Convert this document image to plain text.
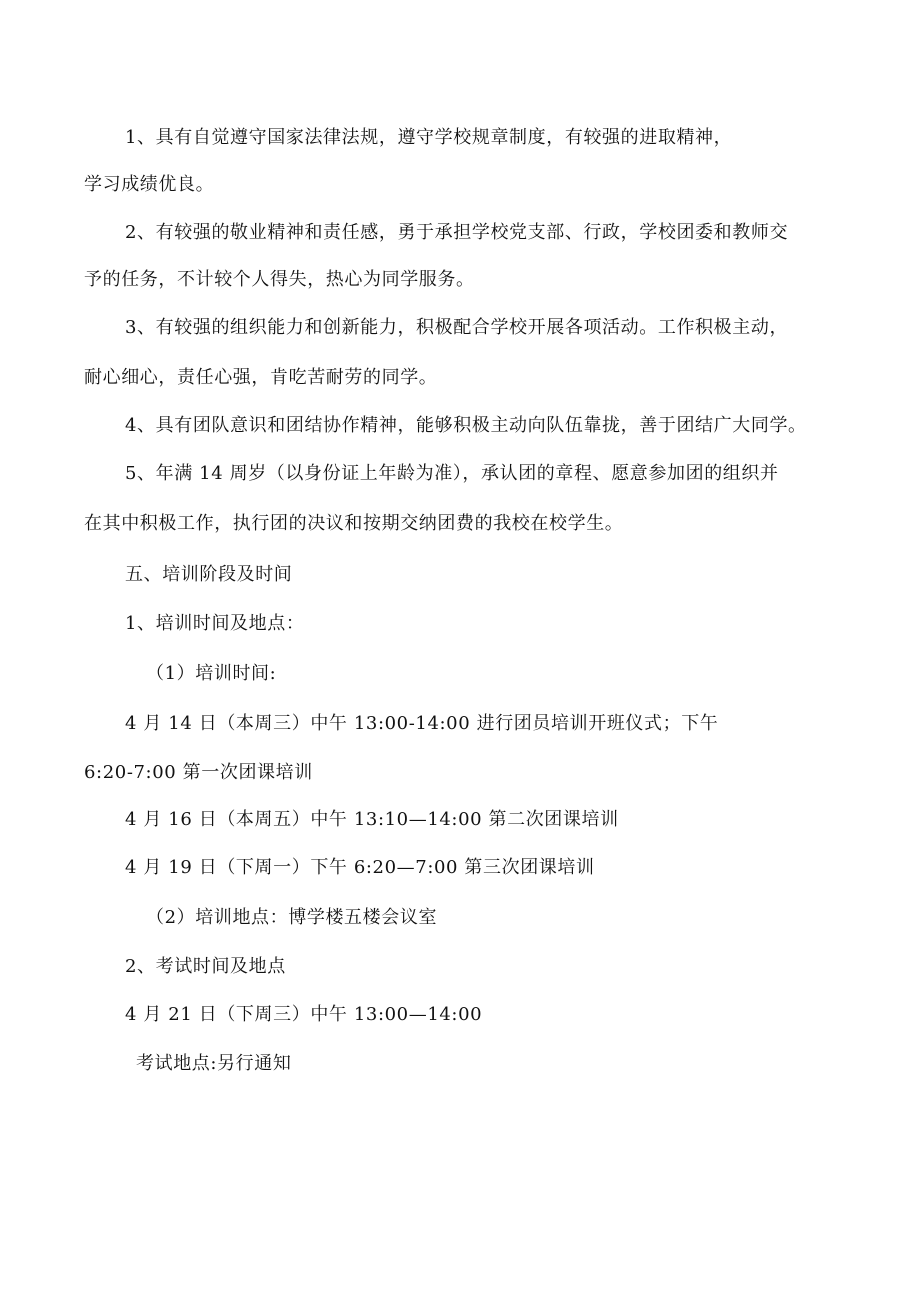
1、具有自觉遵守国家法律法规，遵守学校规章制度，有较强的进取精神，
学习成绩优良。
2、有较强的敬业精神和责任感，勇于承担学校党支部、行政，学校团委和教师交
予的任务，不计较个人得失，热心为同学服务。
3、有较强的组织能力和创新能力，积极配合学校开展各项活动。工作积极主动，
耐心细心，责任心强，肯吃苦耐劳的同学。
4、具有团队意识和团结协作精神，能够积极主动向队伍靠拢，善于团结广大同学。
5、年满 14 周岁（以身份证上年龄为准），承认团的章程、愿意参加团的组织并
在其中积极工作，执行团的决议和按期交纳团费的我校在校学生。
五、培训阶段及时间
1、培训时间及地点：
（1）培训时间:
4 月 14 日（本周三）中午 13:00-14:00 进行团员培训开班仪式；下午
6:20-7:00 第一次团课培训
4 月 16 日（本周五）中午 13:10—14:00 第二次团课培训
4 月 19 日（下周一）下午 6:20—7:00 第三次团课培训
（2）培训地点：博学楼五楼会议室
2、考试时间及地点
4 月 21 日（下周三）中午 13:00—14:00
考试地点:另行通知
